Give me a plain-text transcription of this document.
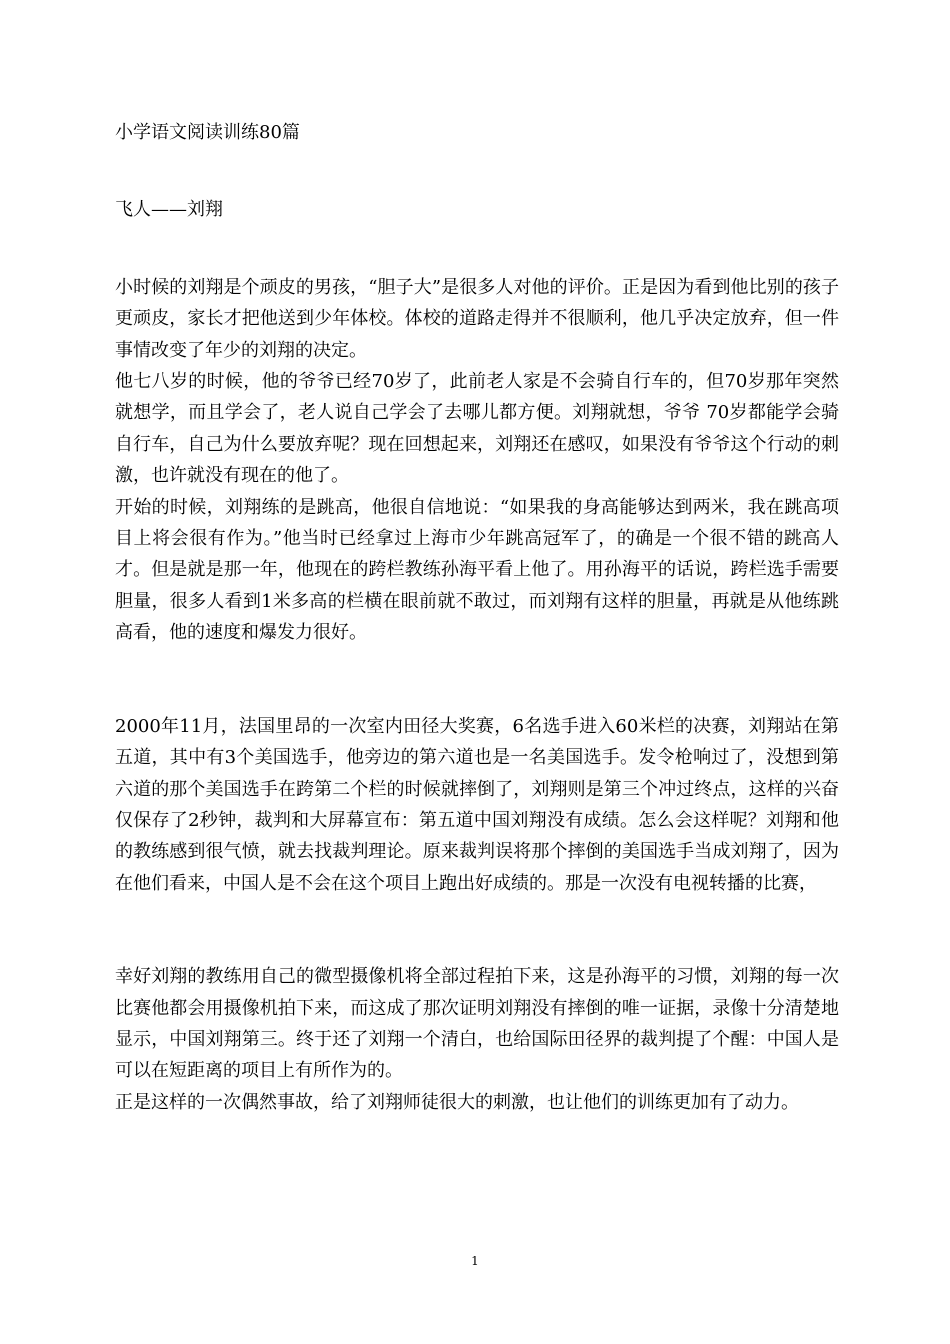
小学语文阅读训练80篇
飞人——刘翔

小时候的刘翔是个顽皮的男孩，“胆子大”是很多人对他的评价。正是因为看到他比别的孩子更顽皮，家长才把他送到少年体校。体校的道路走得并不很顺利，他几乎决定放弃，但一件事情改变了年少的刘翔的决定。

他七八岁的时候，他的爷爷已经70岁了，此前老人家是不会骑自行车的，但70岁那年突然就想学，而且学会了，老人说自己学会了去哪儿都方便。刘翔就想，爷爷 70岁都能学会骑自行车，自己为什么要放弃呢？现在回想起来，刘翔还在感叹，如果没有爷爷这个行动的刺激，也许就没有现在的他了。

开始的时候，刘翔练的是跳高，他很自信地说：“如果我的身高能够达到两米，我在跳高项目上将会很有作为。”他当时已经拿过上海市少年跳高冠军了，的确是一个很不错的跳高人才。但是就是那一年，他现在的跨栏教练孙海平看上他了。用孙海平的话说，跨栏选手需要胆量，很多人看到1米多高的栏横在眼前就不敢过，而刘翔有这样的胆量，再就是从他练跳高看，他的速度和爆发力很好。

2000年11月，法国里昂的一次室内田径大奖赛，6名选手进入60米栏的决赛，刘翔站在第五道，其中有3个美国选手，他旁边的第六道也是一名美国选手。发令枪响过了，没想到第六道的那个美国选手在跨第二个栏的时候就摔倒了，刘翔则是第三个冲过终点，这样的兴奋仅保存了2秒钟，裁判和大屏幕宣布：第五道中国刘翔没有成绩。怎么会这样呢？刘翔和他的教练感到很气愤，就去找裁判理论。原来裁判误将那个摔倒的美国选手当成刘翔了，因为在他们看来，中国人是不会在这个项目上跑出好成绩的。那是一次没有电视转播的比赛，

幸好刘翔的教练用自己的微型摄像机将全部过程拍下来，这是孙海平的习惯，刘翔的每一次比赛他都会用摄像机拍下来，而这成了那次证明刘翔没有摔倒的唯一证据，录像十分清楚地显示，中国刘翔第三。终于还了刘翔一个清白，也给国际田径界的裁判提了个醒：中国人是可以在短距离的项目上有所作为的。

正是这样的一次偶然事故，给了刘翔师徒很大的刺激，也让他们的训练更加有了动力。

1
